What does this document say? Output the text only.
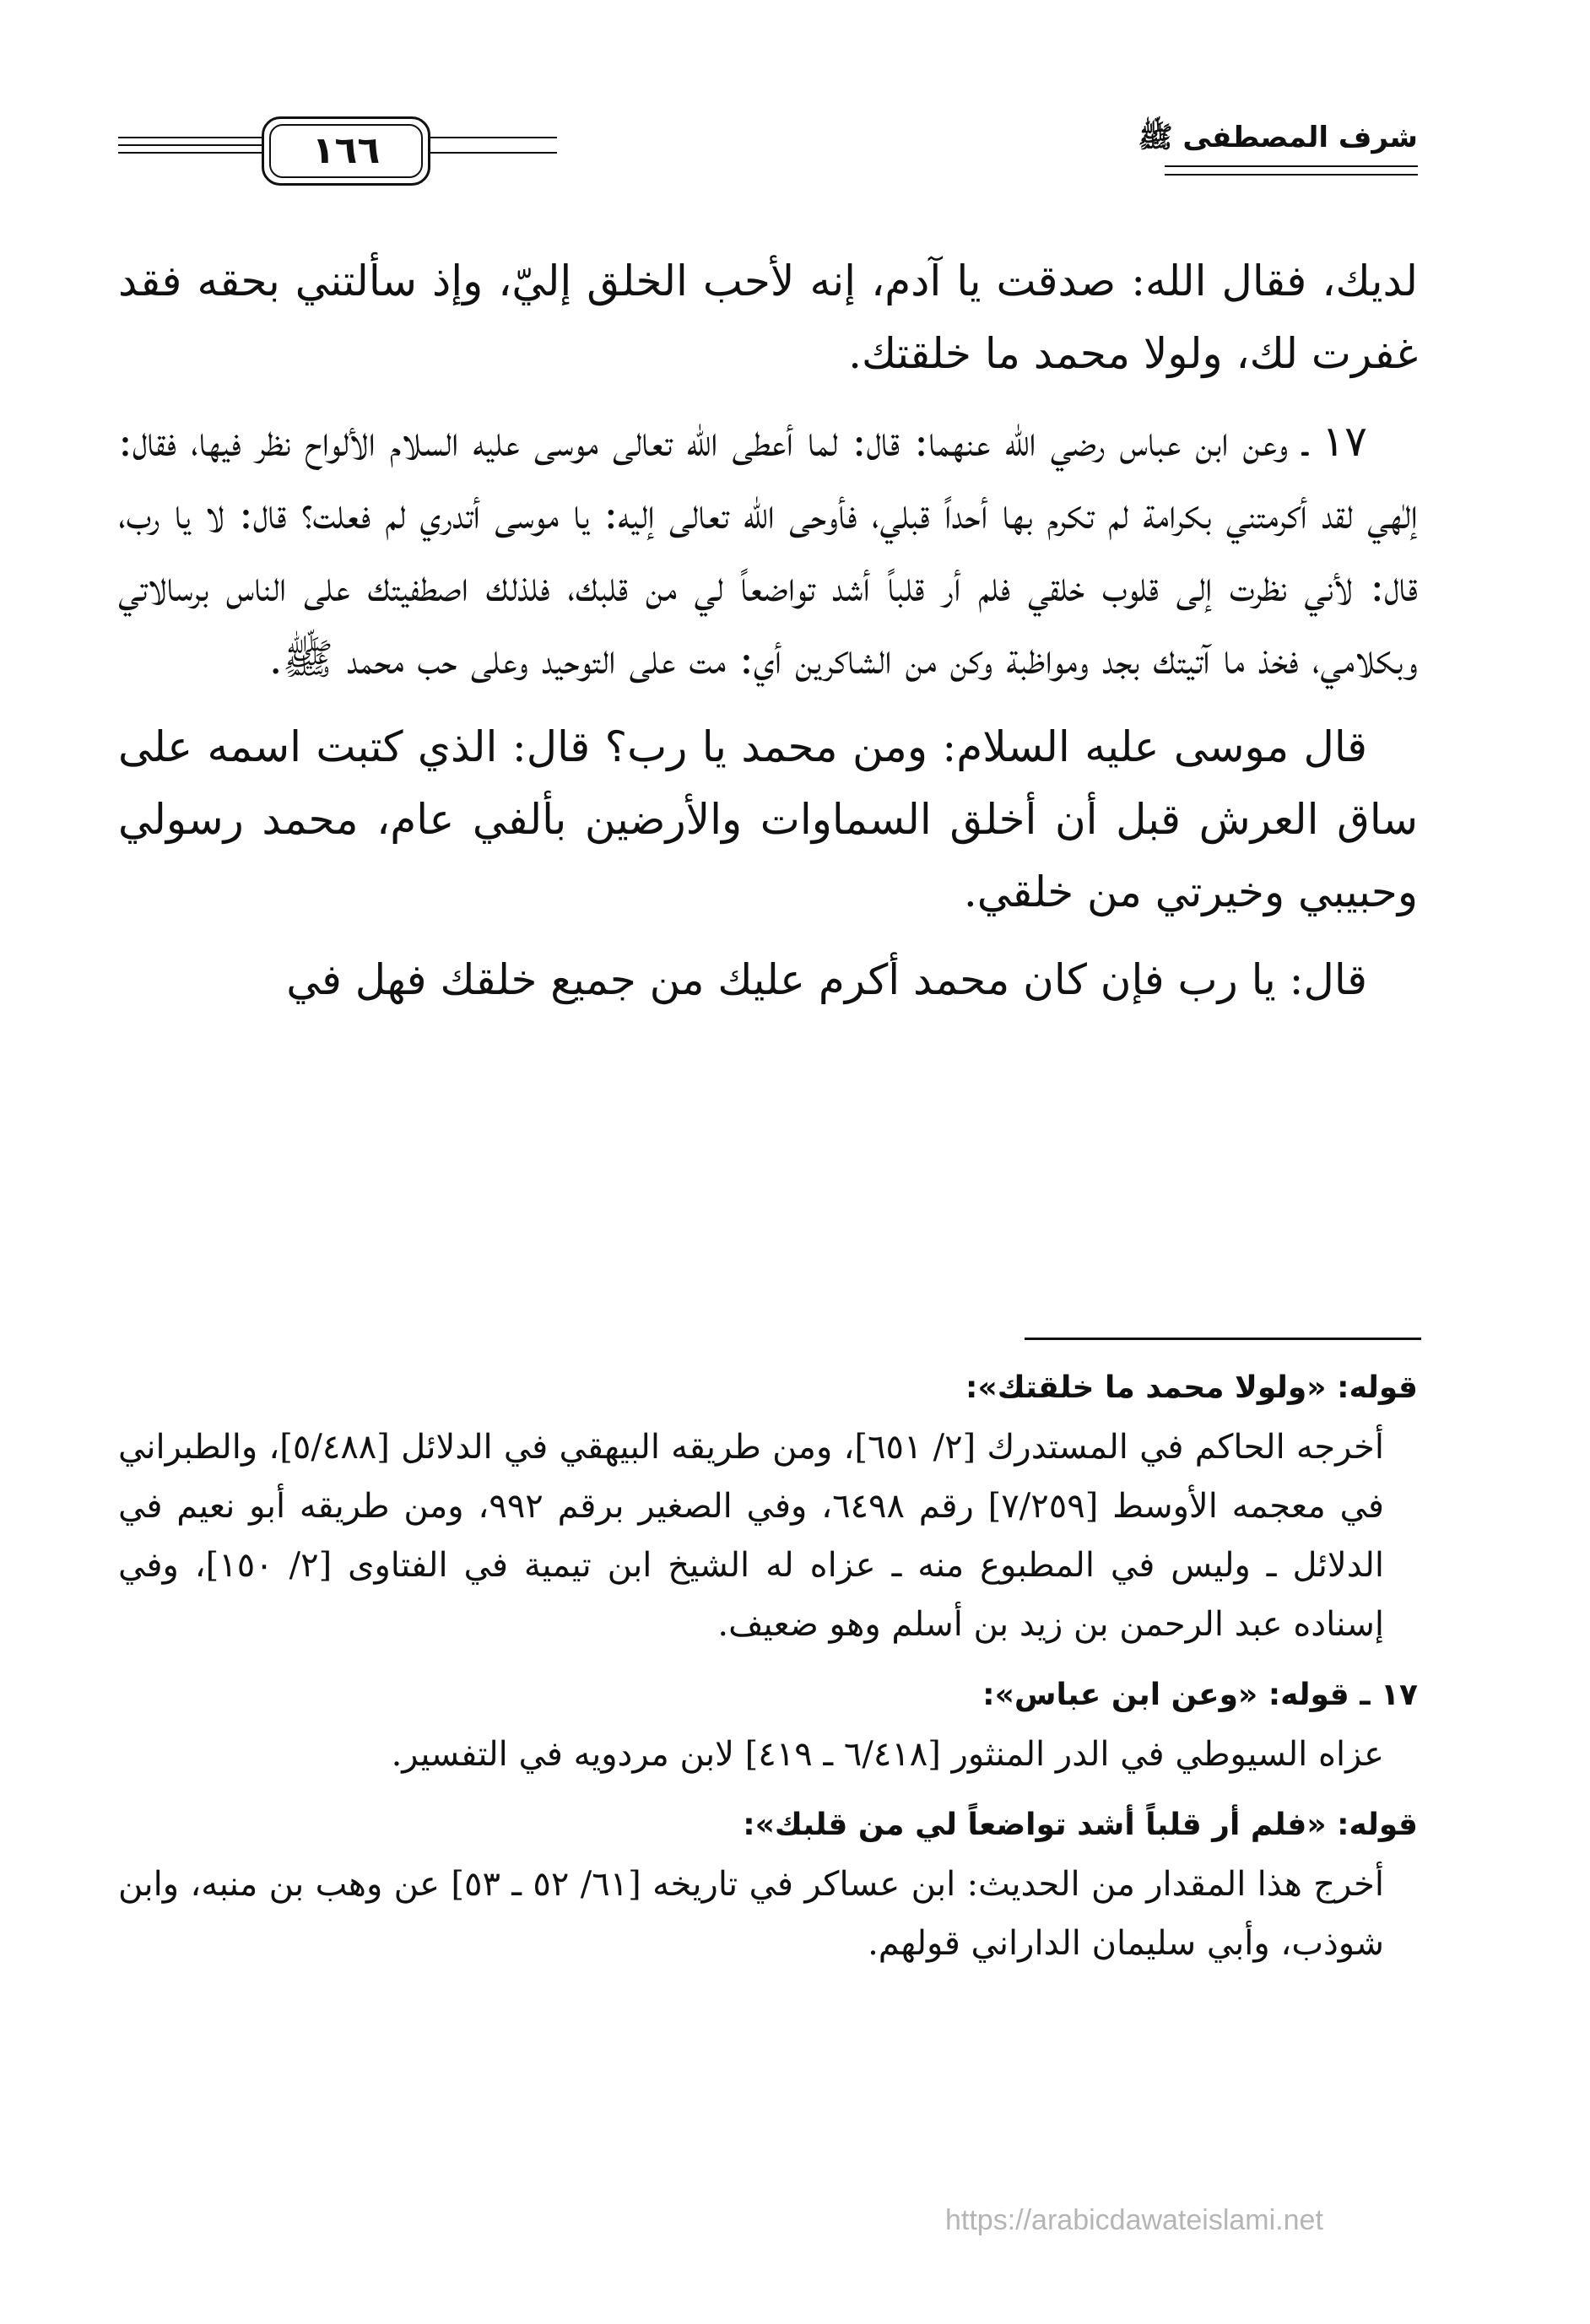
شرف المصطفى ﷺ
١٦٦

لديك، فقال الله: صدقت يا آدم، إنه لأحب الخلق إليّ، وإذ سألتني بحقه فقد غفرت لك، ولولا محمد ما خلقتك.

١٧ ـ وعن ابن عباس رضي الله عنهما: قال: لما أعطى الله تعالى موسى عليه السلام الألواح نظر فيها، فقال: إلٰهي لقد أكرمتني بكرامة لم تكرم بها أحداً قبلي، فأوحى الله تعالى إليه: يا موسى أتدري لم فعلت؟ قال: لا يا رب، قال: لأني نظرت إلى قلوب خلقي فلم أر قلباً أشد تواضعاً لي من قلبك، فلذلك اصطفيتك على الناس برسالاتي وبكلامي، فخذ ما آتيتك بجد ومواظبة وكن من الشاكرين أي: مت على التوحيد وعلى حب محمد ﷺ.

قال موسى عليه السلام: ومن محمد يا رب؟ قال: الذي كتبت اسمه على ساق العرش قبل أن أخلق السماوات والأرضين بألفي عام، محمد رسولي وحبيبي وخيرتي من خلقي.

قال: يا رب فإن كان محمد أكرم عليك من جميع خلقك فهل في

قوله: «ولولا محمد ما خلقتك»:

أخرجه الحاكم في المستدرك [٢/ ٦٥١]، ومن طريقه البيهقي في الدلائل [٥/٤٨٨]، والطبراني في معجمه الأوسط [٧/٢٥٩] رقم ٦٤٩٨، وفي الصغير برقم ٩٩٢، ومن طريقه أبو نعيم في الدلائل ـ وليس في المطبوع منه ـ عزاه له الشيخ ابن تيمية في الفتاوى [٢/ ١٥٠]، وفي إسناده عبد الرحمن بن زيد بن أسلم وهو ضعيف.

١٧ ـ قوله: «وعن ابن عباس»:

عزاه السيوطي في الدر المنثور [٦/٤١٨ ـ ٤١٩] لابن مردويه في التفسير.

قوله: «فلم أر قلباً أشد تواضعاً لي من قلبك»:

أخرج هذا المقدار من الحديث: ابن عساكر في تاريخه [٦١/ ٥٢ ـ ٥٣] عن وهب بن منبه، وابن شوذب، وأبي سليمان الداراني قولهم.

https://arabicdawateislami.net
